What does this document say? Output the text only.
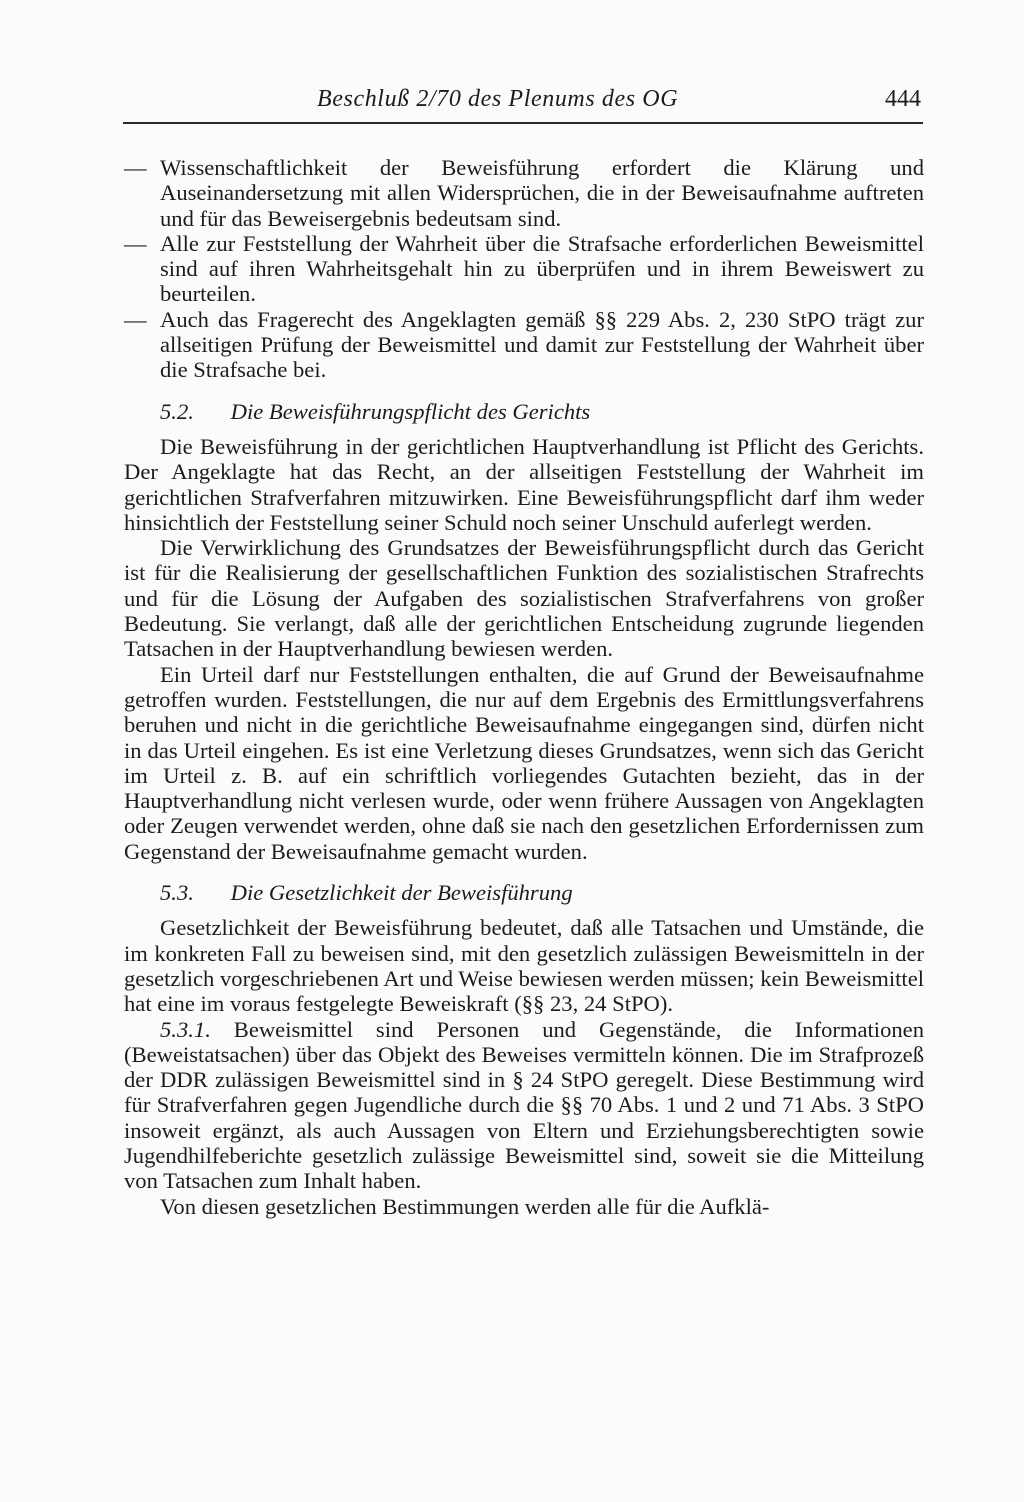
Beschluß 2/70 des Plenums des OG	444
— Wissenschaftlichkeit der Beweisführung erfordert die Klärung und Auseinandersetzung mit allen Widersprüchen, die in der Beweisaufnahme auftreten und für das Beweisergebnis bedeutsam sind.
— Alle zur Feststellung der Wahrheit über die Strafsache erforderlichen Beweismittel sind auf ihren Wahrheitsgehalt hin zu überprüfen und in ihrem Beweiswert zu beurteilen.
— Auch das Fragerecht des Angeklagten gemäß §§ 229 Abs. 2, 230 StPO trägt zur allseitigen Prüfung der Beweismittel und damit zur Feststellung der Wahrheit über die Strafsache bei.
5.2. Die Beweisführungspflicht des Gerichts
Die Beweisführung in der gerichtlichen Hauptverhandlung ist Pflicht des Gerichts. Der Angeklagte hat das Recht, an der allseitigen Feststellung der Wahrheit im gerichtlichen Strafverfahren mitzuwirken. Eine Beweisführungspflicht darf ihm weder hinsichtlich der Feststellung seiner Schuld noch seiner Unschuld auferlegt werden.
Die Verwirklichung des Grundsatzes der Beweisführungspflicht durch das Gericht ist für die Realisierung der gesellschaftlichen Funktion des sozialistischen Strafrechts und für die Lösung der Aufgaben des sozialistischen Strafverfahrens von großer Bedeutung. Sie verlangt, daß alle der gerichtlichen Entscheidung zugrunde liegenden Tatsachen in der Hauptverhandlung bewiesen werden.
Ein Urteil darf nur Feststellungen enthalten, die auf Grund der Beweisaufnahme getroffen wurden. Feststellungen, die nur auf dem Ergebnis des Ermittlungsverfahrens beruhen und nicht in die gerichtliche Beweisaufnahme eingegangen sind, dürfen nicht in das Urteil eingehen. Es ist eine Verletzung dieses Grundsatzes, wenn sich das Gericht im Urteil z. B. auf ein schriftlich vorliegendes Gutachten bezieht, das in der Hauptverhandlung nicht verlesen wurde, oder wenn frühere Aussagen von Angeklagten oder Zeugen verwendet werden, ohne daß sie nach den gesetzlichen Erfordernissen zum Gegenstand der Beweisaufnahme gemacht wurden.
5.3. Die Gesetzlichkeit der Beweisführung
Gesetzlichkeit der Beweisführung bedeutet, daß alle Tatsachen und Umstände, die im konkreten Fall zu beweisen sind, mit den gesetzlich zulässigen Beweismitteln in der gesetzlich vorgeschriebenen Art und Weise bewiesen werden müssen; kein Beweismittel hat eine im voraus festgelegte Beweiskraft (§§ 23, 24 StPO).
5.3.1. Beweismittel sind Personen und Gegenstände, die Informationen (Beweistatsachen) über das Objekt des Beweises vermitteln können. Die im Strafprozeß der DDR zulässigen Beweismittel sind in § 24 StPO geregelt. Diese Bestimmung wird für Strafverfahren gegen Jugendliche durch die §§ 70 Abs. 1 und 2 und 71 Abs. 3 StPO insoweit ergänzt, als auch Aussagen von Eltern und Erziehungsberechtigten sowie Jugendhilfeberichte gesetzlich zulässige Beweismittel sind, soweit sie die Mitteilung von Tatsachen zum Inhalt haben.
Von diesen gesetzlichen Bestimmungen werden alle für die Aufklä-
